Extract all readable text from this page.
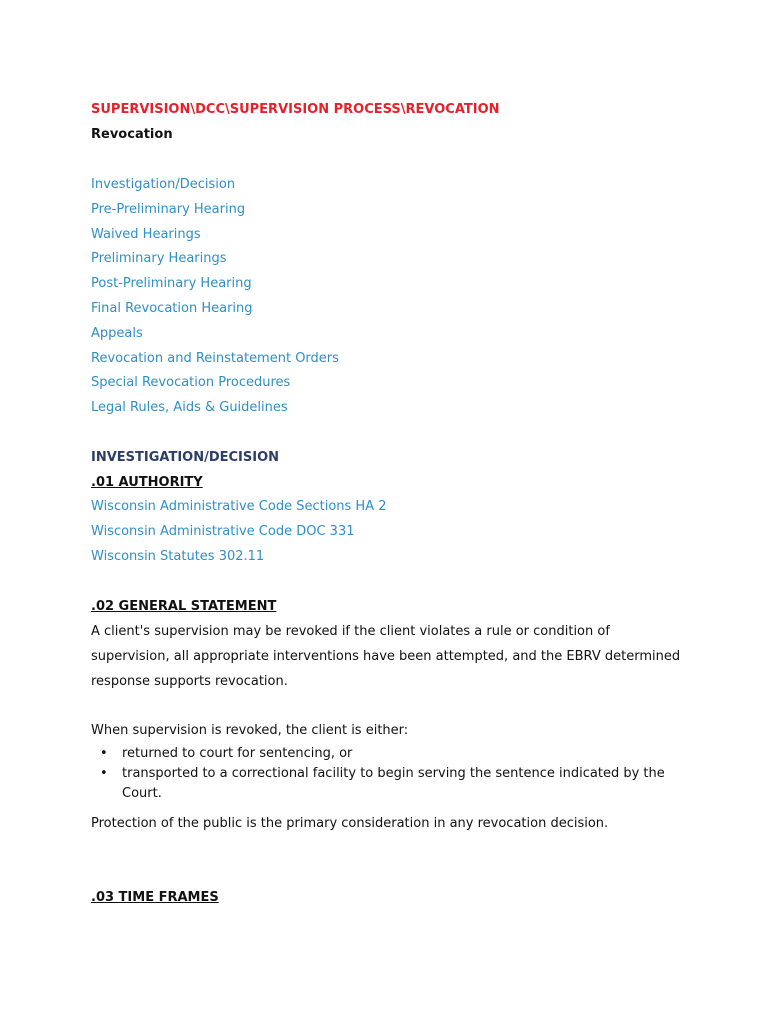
SUPERVISION\DCC\SUPERVISION PROCESS\REVOCATION
Revocation
Investigation/Decision
Pre-Preliminary Hearing
Waived Hearings
Preliminary Hearings
Post-Preliminary Hearing
Final Revocation Hearing
Appeals
Revocation and Reinstatement Orders
Special Revocation Procedures
Legal Rules, Aids & Guidelines
INVESTIGATION/DECISION
.01 AUTHORITY
Wisconsin Administrative Code Sections HA 2
Wisconsin Administrative Code DOC 331
Wisconsin Statutes 302.11
.02 GENERAL STATEMENT
A client's supervision may be revoked if the client violates a rule or condition of supervision, all appropriate interventions have been attempted, and the EBRV determined response supports revocation.
When supervision is revoked, the client is either:
• returned to court for sentencing, or
• transported to a correctional facility to begin serving the sentence indicated by the Court.
Protection of the public is the primary consideration in any revocation decision.
.03 TIME FRAMES
